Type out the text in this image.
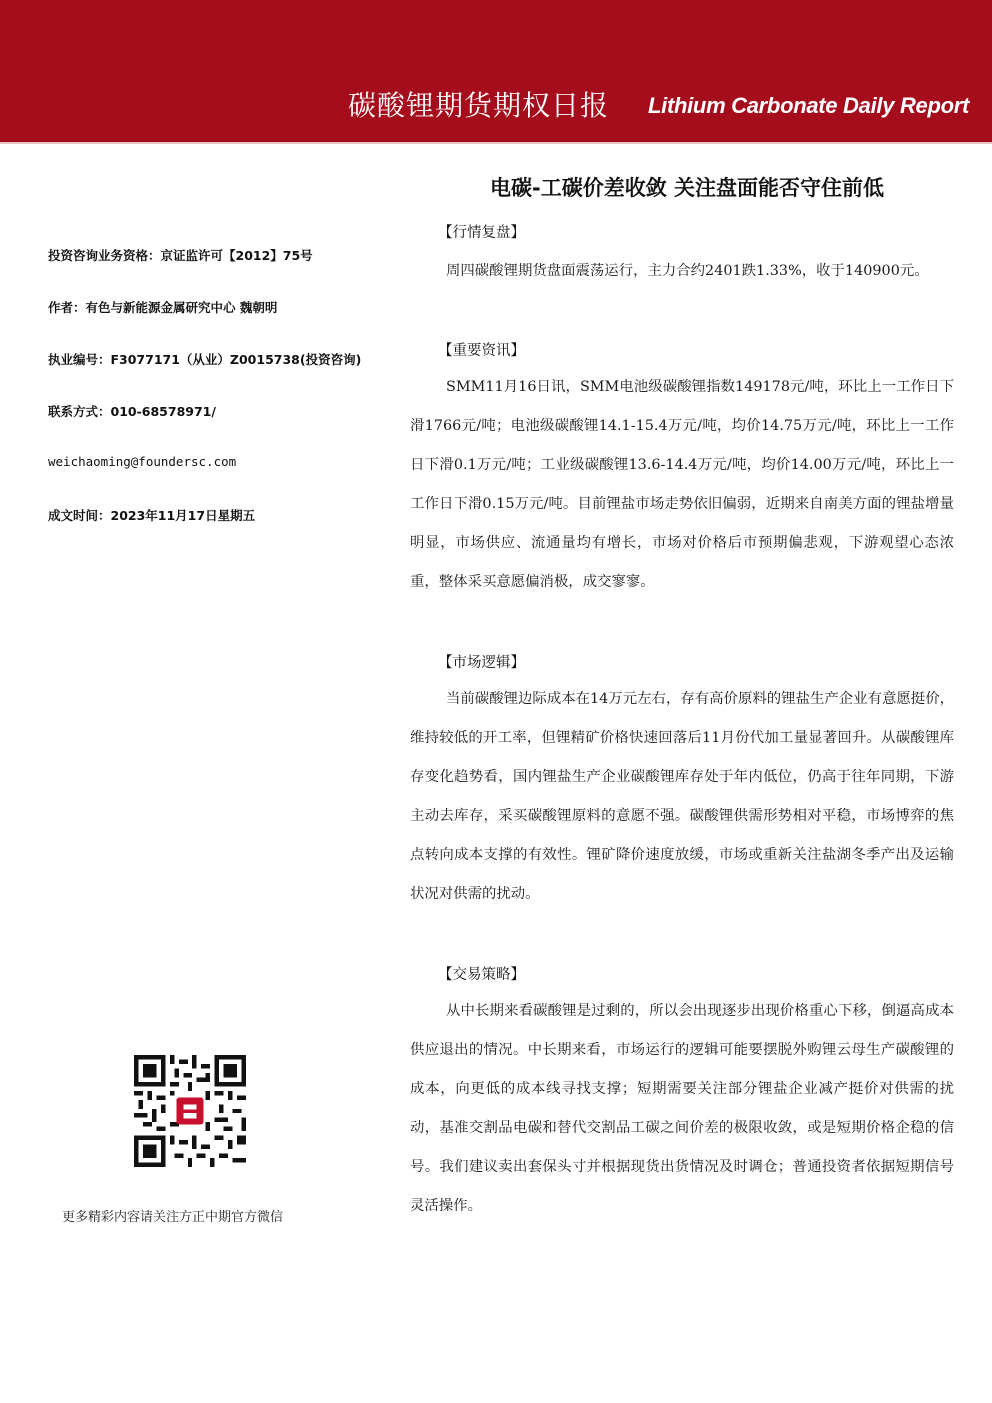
碳酸锂期货期权日报 Lithium Carbonate Daily Report
电碳-工碳价差收敛 关注盘面能否守住前低
投资咨询业务资格：京证监许可【2012】75号
作者：有色与新能源金属研究中心 魏朝明
执业编号：F3077171（从业）Z0015738(投资咨询)
联系方式：010-68578971/
weichaoming@foundersc.com
成文时间：2023年11月17日星期五
【行情复盘】
周四碳酸锂期货盘面震荡运行，主力合约2401跌1.33%，收于140900元。
【重要资讯】
SMM11月16日讯，SMM电池级碳酸锂指数149178元/吨，环比上一工作日下滑1766元/吨；电池级碳酸锂14.1-15.4万元/吨，均价14.75万元/吨，环比上一工作日下滑0.1万元/吨；工业级碳酸锂13.6-14.4万元/吨，均价14.00万元/吨，环比上一工作日下滑0.15万元/吨。目前锂盐市场走势依旧偏弱，近期来自南美方面的锂盐增量明显，市场供应、流通量均有增长，市场对价格后市预期偏悲观，下游观望心态浓重，整体采买意愿偏消极，成交寥寥。
【市场逻辑】
当前碳酸锂边际成本在14万元左右，存有高价原料的锂盐生产企业有意愿挺价，维持较低的开工率，但锂精矿价格快速回落后11月份代加工量显著回升。从碳酸锂库存变化趋势看，国内锂盐生产企业碳酸锂库存处于年内低位，仍高于往年同期，下游主动去库存，采买碳酸锂原料的意愿不强。碳酸锂供需形势相对平稳，市场博弈的焦点转向成本支撑的有效性。锂矿降价速度放缓，市场或重新关注盐湖冬季产出及运输状况对供需的扰动。
【交易策略】
从中长期来看碳酸锂是过剩的，所以会出现逐步出现价格重心下移，倒逼高成本供应退出的情况。中长期来看，市场运行的逻辑可能要摆脱外购锂云母生产碳酸锂的成本，向更低的成本线寻找支撑；短期需要关注部分锂盐企业减产挺价对供需的扰动，基准交割品电碳和替代交割品工碳之间价差的极限收敛，或是短期价格企稳的信号。我们建议卖出套保头寸并根据现货出货情况及时调仓；普通投资者依据短期信号灵活操作。
更多精彩内容请关注方正中期官方微信
